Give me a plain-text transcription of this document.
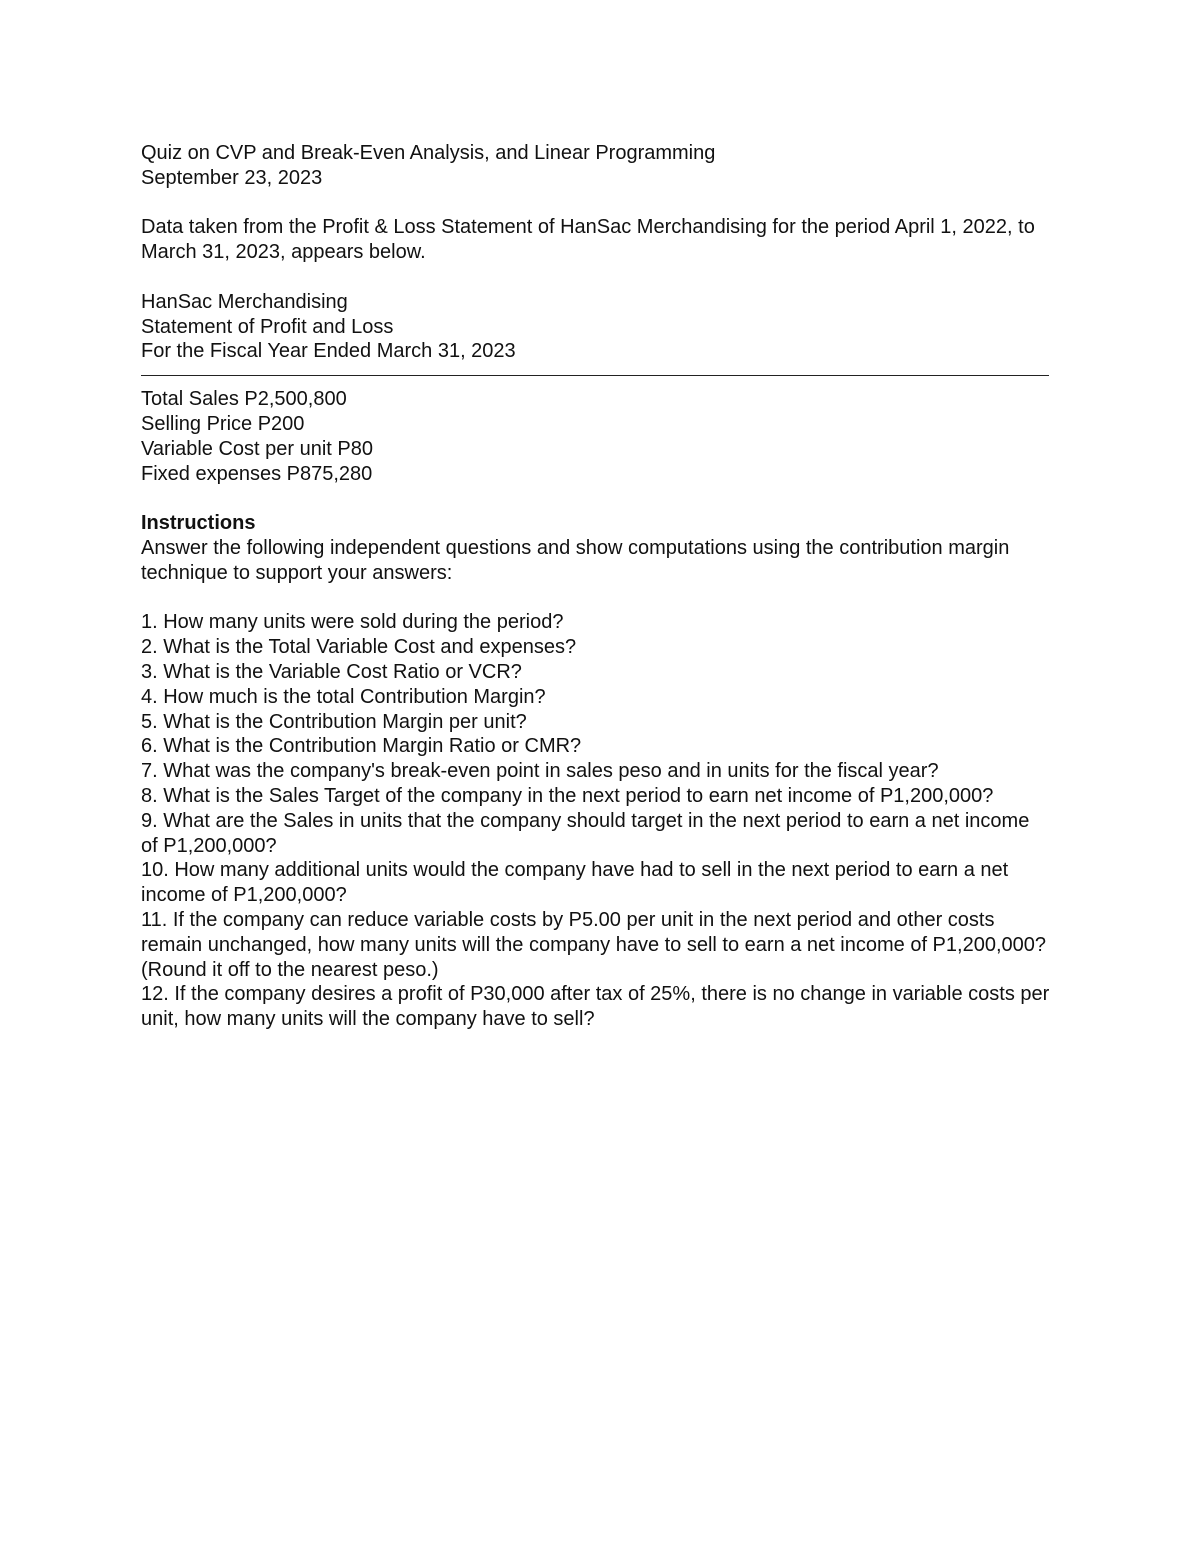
Quiz on CVP and Break-Even Analysis, and Linear Programming
September 23, 2023
Data taken from the Profit & Loss Statement of HanSac Merchandising for the period April 1, 2022, to March 31, 2023, appears below.
HanSac Merchandising
Statement of Profit and Loss
For the Fiscal Year Ended March 31, 2023
Total Sales P2,500,800
Selling Price P200
Variable Cost per unit P80
Fixed expenses P875,280
Instructions
Answer the following independent questions and show computations using the contribution margin technique to support your answers:
1. How many units were sold during the period?
2. What is the Total Variable Cost and expenses?
3. What is the Variable Cost Ratio or VCR?
4. How much is the total Contribution Margin?
5. What is the Contribution Margin per unit?
6. What is the Contribution Margin Ratio or CMR?
7. What was the company's break-even point in sales peso and in units for the fiscal year?
8. What is the Sales Target of the company in the next period to earn net income of P1,200,000?
9. What are the Sales in units that the company should target in the next period to earn a net income of P1,200,000?
10. How many additional units would the company have had to sell in the next period to earn a net income of P1,200,000?
11. If the company can reduce variable costs by P5.00 per unit in the next period and other costs remain unchanged, how many units will the company have to sell to earn a net income of P1,200,000? (Round it off to the nearest peso.)
12. If the company desires a profit of P30,000 after tax of 25%, there is no change in variable costs per unit, how many units will the company have to sell?
